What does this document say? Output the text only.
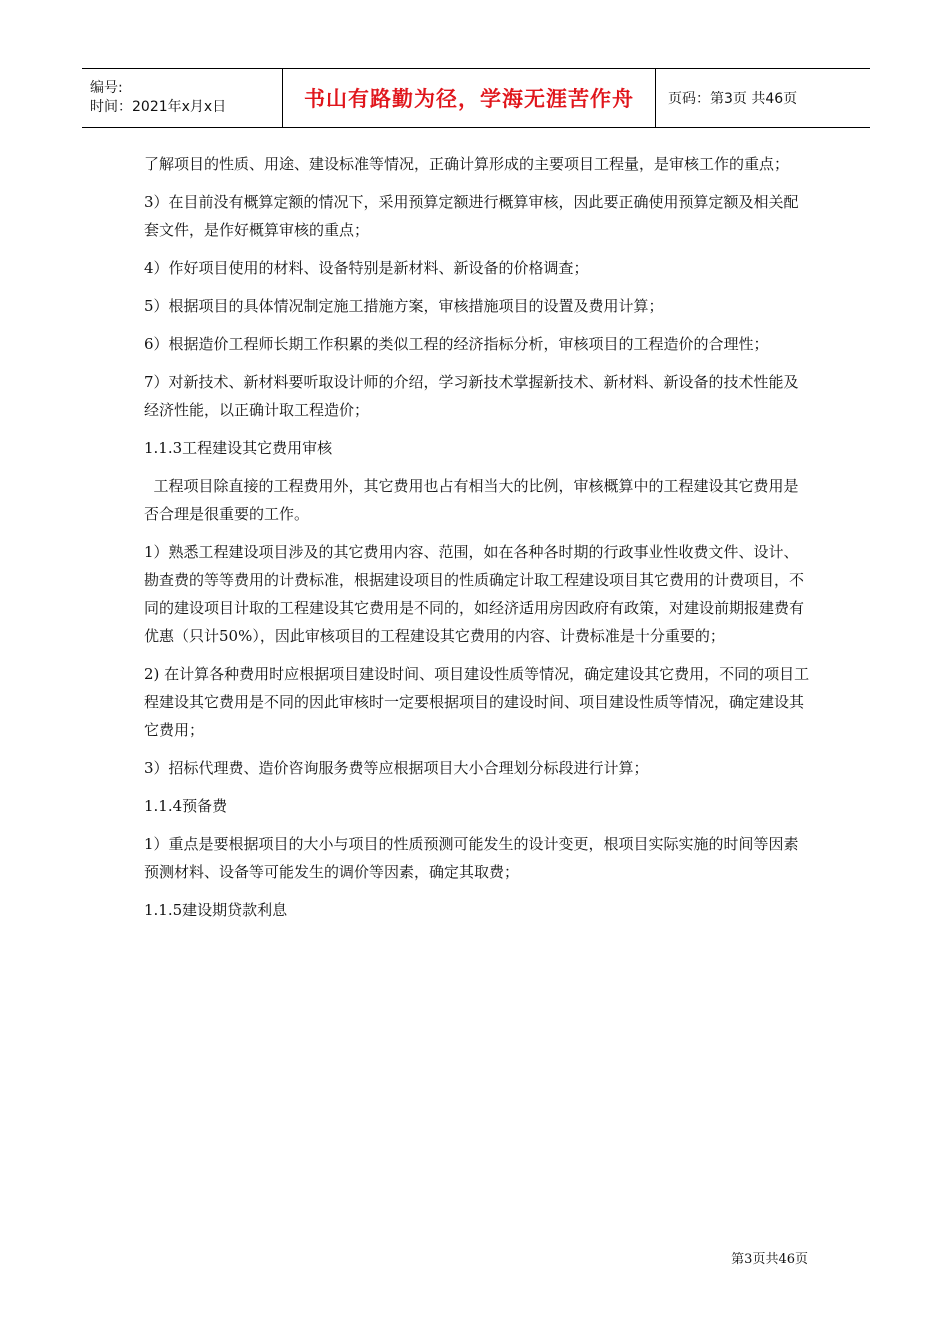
编号:
时间：2021年x月x日	书山有路勤为径，学海无涯苦作舟	页码：第3页 共46页

了解项目的性质、用途、建设标准等情况，正确计算形成的主要项目工程量，是审核工作的重点；

3）在目前没有概算定额的情况下，采用预算定额进行概算审核，因此要正确使用预算定额及相关配套文件，是作好概算审核的重点；

4）作好项目使用的材料、设备特别是新材料、新设备的价格调查；

5）根据项目的具体情况制定施工措施方案，审核措施项目的设置及费用计算；

6）根据造价工程师长期工作积累的类似工程的经济指标分析，审核项目的工程造价的合理性；

7）对新技术、新材料要听取设计师的介绍，学习新技术掌握新技术、新材料、新设备的技术性能及经济性能，以正确计取工程造价；

1.1.3工程建设其它费用审核

工程项目除直接的工程费用外，其它费用也占有相当大的比例，审核概算中的工程建设其它费用是否合理是很重要的工作。

1）熟悉工程建设项目涉及的其它费用内容、范围，如在各种各时期的行政事业性收费文件、设计、勘查费的等等费用的计费标准，根据建设项目的性质确定计取工程建设项目其它费用的计费项目，不同的建设项目计取的工程建设其它费用是不同的，如经济适用房因政府有政策，对建设前期报建费有优惠（只计50%），因此审核项目的工程建设其它费用的内容、计费标准是十分重要的；

2) 在计算各种费用时应根据项目建设时间、项目建设性质等情况，确定建设其它费用，不同的项目工程建设其它费用是不同的因此审核时一定要根据项目的建设时间、项目建设性质等情况，确定建设其它费用；

3）招标代理费、造价咨询服务费等应根据项目大小合理划分标段进行计算；

1.1.4预备费

1）重点是要根据项目的大小与项目的性质预测可能发生的设计变更，根项目实际实施的时间等因素预测材料、设备等可能发生的调价等因素，确定其取费；

1.1.5建设期贷款利息

第3页共46页
